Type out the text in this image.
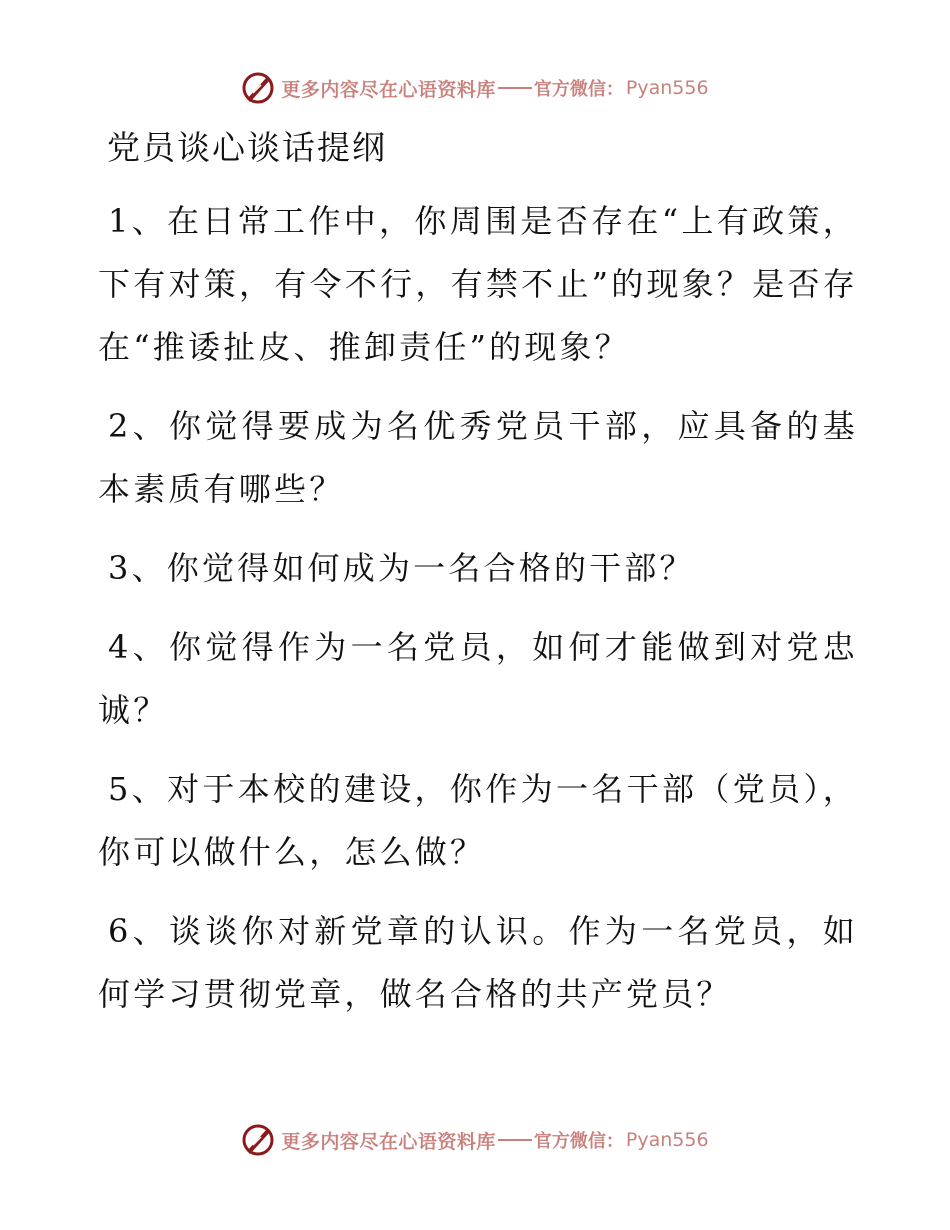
更多内容尽在心语资料库 官方微信： Pyan556
党员谈心谈话提纲

1、在日常工作中，你周围是否存在“上有政策，下有对策，有令不行，有禁不止”的现象？是否存在“推诿扯皮、推卸责任”的现象？

2、你觉得要成为名优秀党员干部，应具备的基本素质有哪些？

3、你觉得如何成为一名合格的干部？

4、你觉得作为一名党员，如何才能做到对党忠诚？

5、对于本校的建设，你作为一名干部（党员），你可以做什么，怎么做？

6、谈谈你对新党章的认识。作为一名党员，如何学习贯彻党章，做名合格的共产党员？

更多内容尽在心语资料库 官方微信： Pyan556
